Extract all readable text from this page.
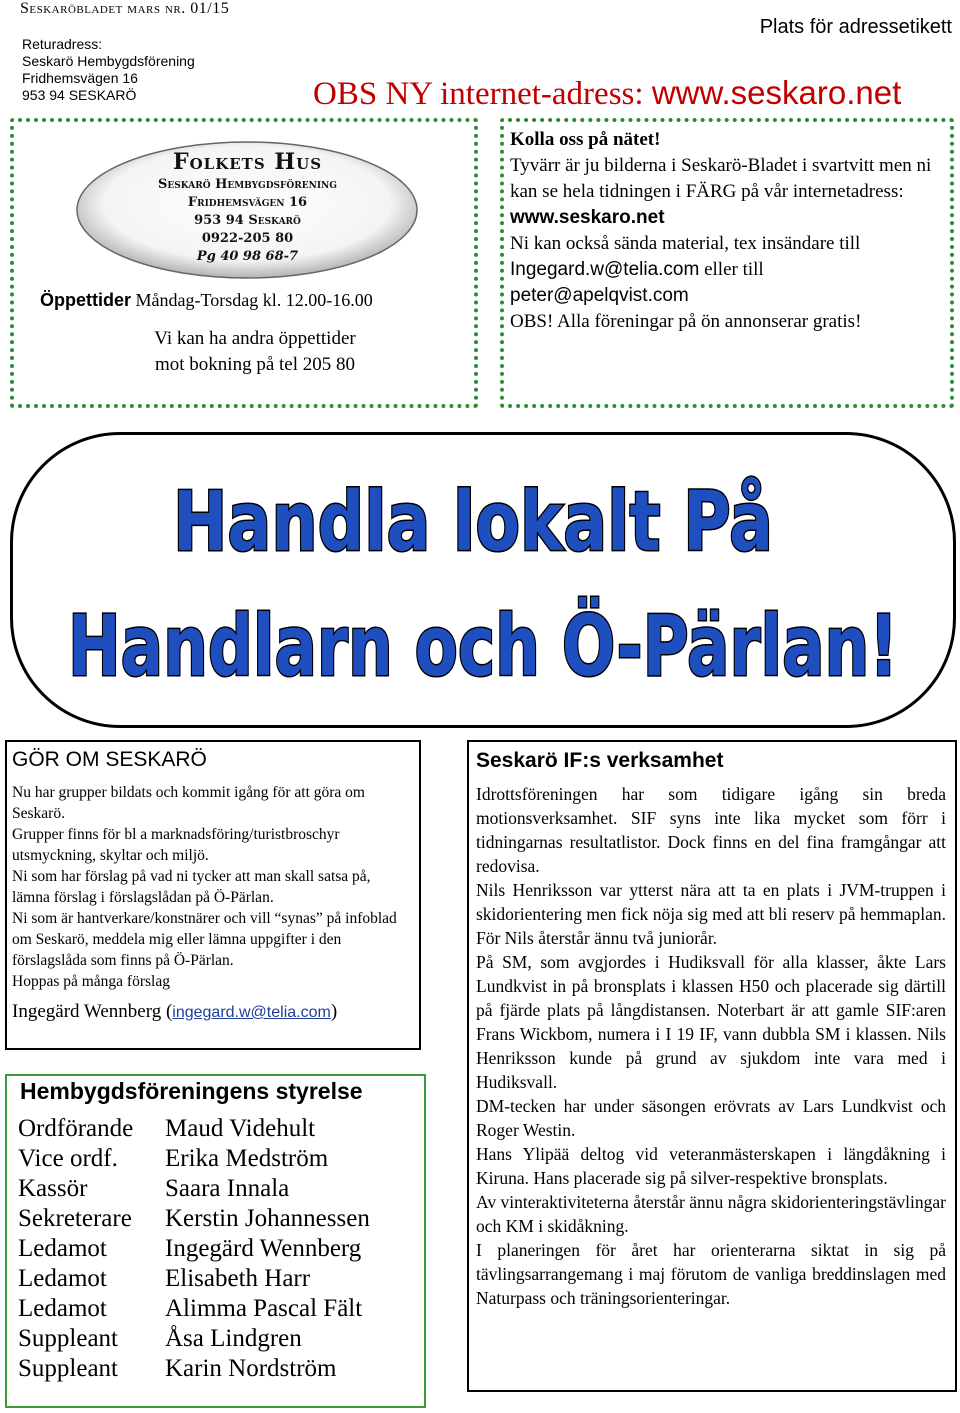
Seskaröbladet mars nr. 01/15
Returadress:
Seskarö Hembygdsförening
Fridhemsvägen 16
953 94 SESKARÖ
Plats för adressetikett
OBS NY internet-adress: www.seskaro.net
Folkets Hus
Seskarö Hembygdsförening
Fridhemsvägen 16
953 94 Seskarö
0922-205 80
Pg 40 98 68-7
Öppettider Måndag-Torsdag kl. 12.00-16.00
Vi kan ha andra öppettider
mot bokning på tel 205 80
Kolla oss på nätet!
Tyvärr är ju bilderna i Seskarö-Bladet i svartvitt men ni kan se hela tidningen i FÄRG på vår internetadress: www.seskaro.net
Ni kan också sända material, tex insändare till Ingegard.w@telia.com eller till
peter@apelqvist.com
OBS! Alla föreningar på ön annonserar gratis!
Handla lokalt På
Handlarn och Ö-Pärlan!
GÖR OM SESKARÖ
Nu har grupper bildats och kommit igång för att göra om Seskarö.
Grupper finns för bl a marknadsföring/turistbroschyr utsmyckning, skyltar och miljö.
Ni som har förslag på vad ni tycker att man skall satsa på, lämna förslag i förslagslådan på Ö-Pärlan.
Ni som är hantverkare/konstnärer och vill “synas” på infoblad om Seskarö, meddela mig eller lämna uppgifter i den förslagslåda som finns på Ö-Pärlan.
Hoppas på många förslag
Ingegärd Wennberg (ingegard.w@telia.com)
Hembygdsföreningens styrelse
Ordförande Maud Videhult
Vice ordf. Erika Medström
Kassör	Saara Innala
Sekreterare Kerstin Johannessen
Ledamot Ingegärd Wennberg
Ledamot Elisabeth Harr
Ledamot Alimma Pascal Fält
Suppleant Åsa Lindgren
Suppleant Karin Nordström
Seskarö IF:s verksamhet

Idrottsföreningen har som tidigare igång sin breda motionsverksamhet. SIF syns inte lika mycket som förr i tidningarnas resultatlistor. Dock finns en del fina framgångar att redovisa.

Nils Henriksson var ytterst nära att ta en plats i JVM-truppen i skidorientering men fick nöja sig med att bli reserv på hemmaplan. För Nils återstår ännu två juniorår.

På SM, som avgjordes i Hudiksvall för alla klasser, åkte Lars Lundkvist in på bronsplats i klassen H50 och placerade sig därtill på fjärde plats på långdistansen. Noterbart är att gamle SIF:aren Frans Wickbom, numera i I 19 IF, vann dubbla SM i klassen. Nils Henriksson kunde på grund av sjukdom inte vara med i Hudiksvall.

DM-tecken har under säsongen erövrats av Lars Lundkvist och Roger Westin.

Hans Ylipää deltog vid veteranmästerskapen i längdåkning i Kiruna. Hans placerade sig på silver-respektive bronsplats.

Av vinteraktiviteterna återstår ännu några skidorienteringstävlingar och KM i skidåkning.

I planeringen för året har orienterarna siktat in sig på tävlingsarrangemang i maj förutom de vanliga breddinslagen med Naturpass och träningsorienteringar.
